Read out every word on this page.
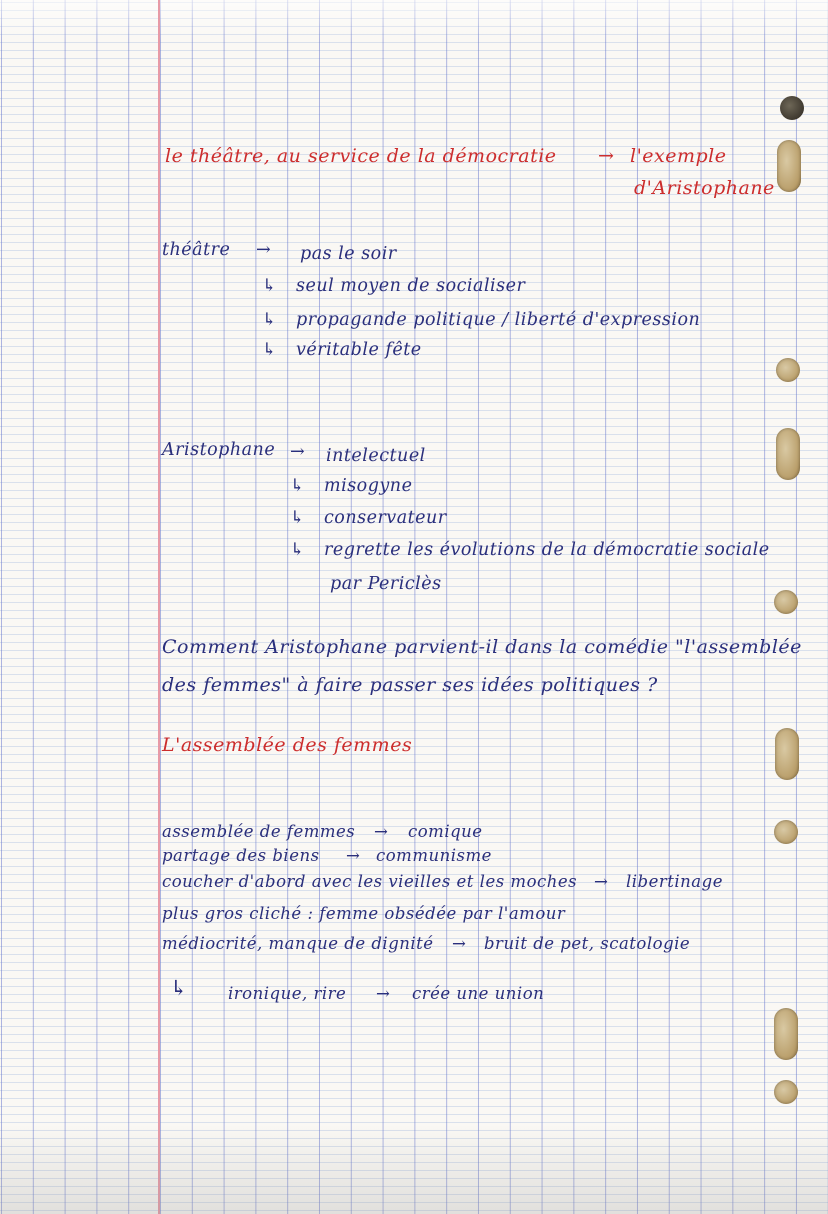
le théâtre, au service de la démocratie → l'exemple
d'Aristophane
théâtre → pas le soir
↳ seul moyen de socialiser
↳ propagande politique / liberté d'expression
↳ véritable fête
Aristophane → intelectuel
↳ misogyne
↳ conservateur
↳ regrette les évolutions de la démocratie sociale
par Periclès
Comment Aristophane parvient-il dans la comédie "l'assemblée
des femmes" à faire passer ses idées politiques ?
L'assemblée des femmes
assemblée de femmes → comique
partage des biens → communisme
coucher d'abord avec les vieilles et les moches → libertinage
plus gros cliché : femme obsédée par l'amour
médiocrité, manque de dignité → bruit de pet, scatologie
↳ ironique, rire → crée une union
